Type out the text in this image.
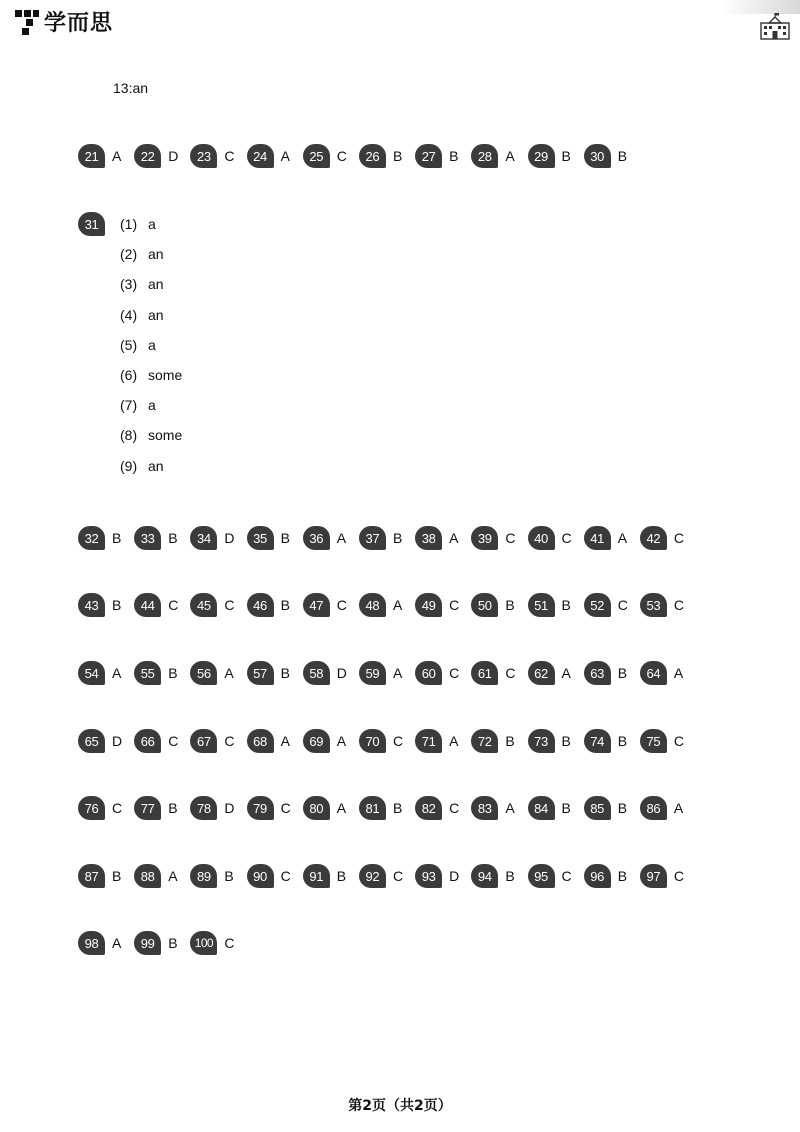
学而思
13:an
21 A	22 D	23 C	24 A	25 C	26 B	27 B	28 A	29 B	30 B
31	(1) a
(2) an
(3) an
(4) an
(5) a
(6) some
(7) a
(8) some
(9) an
32 B	33 B	34 D	35 B	36 A	37 B	38 A	39 C	40 C	41 A	42 C
43 B	44 C	45 C	46 B	47 C	48 A	49 C	50 B	51 B	52 C	53 C
54 A	55 B	56 A	57 B	58 D	59 A	60 C	61 C	62 A	63 B	64 A
65 D	66 C	67 C	68 A	69 A	70 C	71 A	72 B	73 B	74 B	75 C
76 C	77 B	78 D	79 C	80 A	81 B	82 C	83 A	84 B	85 B	86 A
87 B	88 A	89 B	90 C	91 B	92 C	93 D	94 B	95 C	96 B	97 C
98 A	99 B	100 C
第2页（共2页）
